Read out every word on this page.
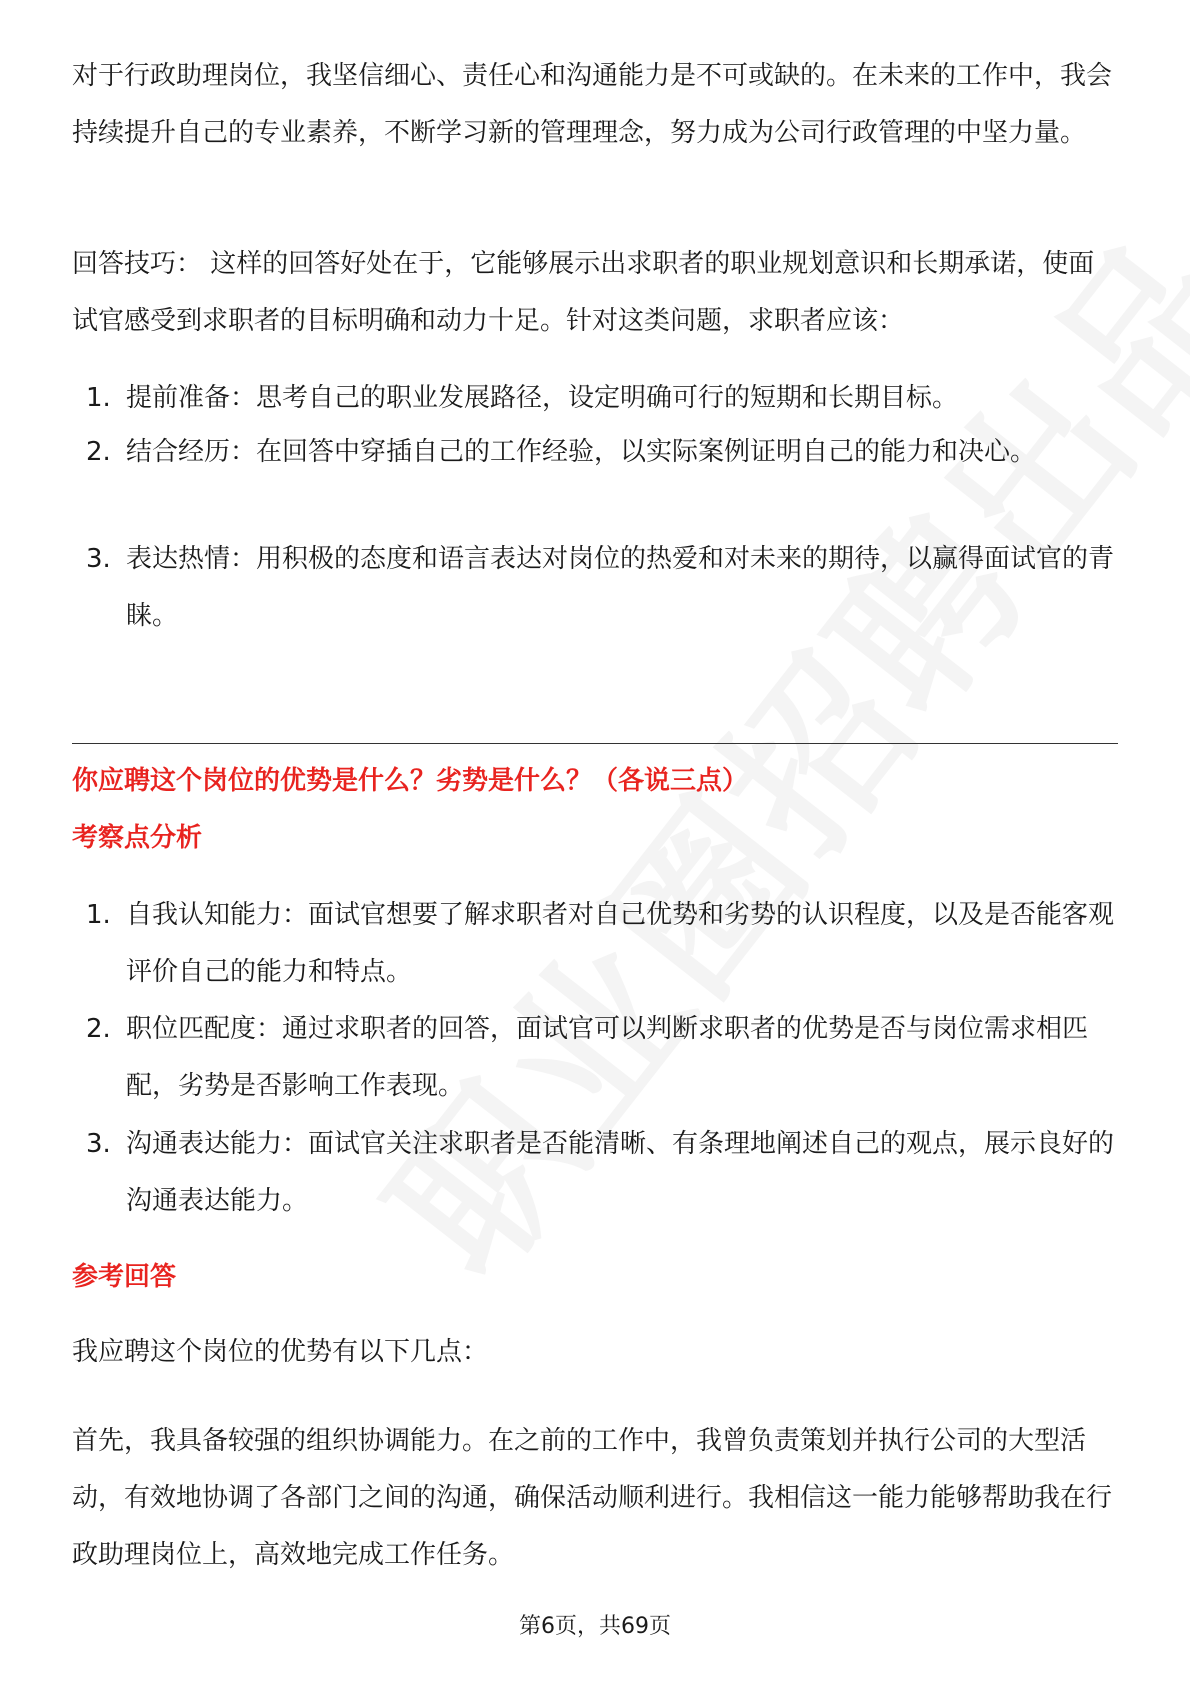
对于行政助理岗位，我坚信细心、责任心和沟通能力是不可或缺的。在未来的工作中，我会持续提升自己的专业素养，不断学习新的管理理念，努力成为公司行政管理的中坚力量。

回答技巧： 这样的回答好处在于，它能够展示出求职者的职业规划意识和长期承诺，使面试官感受到求职者的目标明确和动力十足。针对这类问题，求职者应该：

1. 提前准备：思考自己的职业发展路径，设定明确可行的短期和长期目标。

2. 结合经历：在回答中穿插自己的工作经验，以实际案例证明自己的能力和决心。

3. 表达热情：用积极的态度和语言表达对岗位的热爱和对未来的期待，以赢得面试官的青睐。

你应聘这个岗位的优势是什么？劣势是什么？（各说三点）

考察点分析

1. 自我认知能力：面试官想要了解求职者对自己优势和劣势的认识程度，以及是否能客观评价自己的能力和特点。

2. 职位匹配度：通过求职者的回答，面试官可以判断求职者的优势是否与岗位需求相匹配，劣势是否影响工作表现。

3. 沟通表达能力：面试官关注求职者是否能清晰、有条理地阐述自己的观点，展示良好的沟通表达能力。

参考回答

我应聘这个岗位的优势有以下几点：

首先，我具备较强的组织协调能力。在之前的工作中，我曾负责策划并执行公司的大型活动，有效地协调了各部门之间的沟通，确保活动顺利进行。我相信这一能力能够帮助我在行政助理岗位上，高效地完成工作任务。

第6页，共69页
